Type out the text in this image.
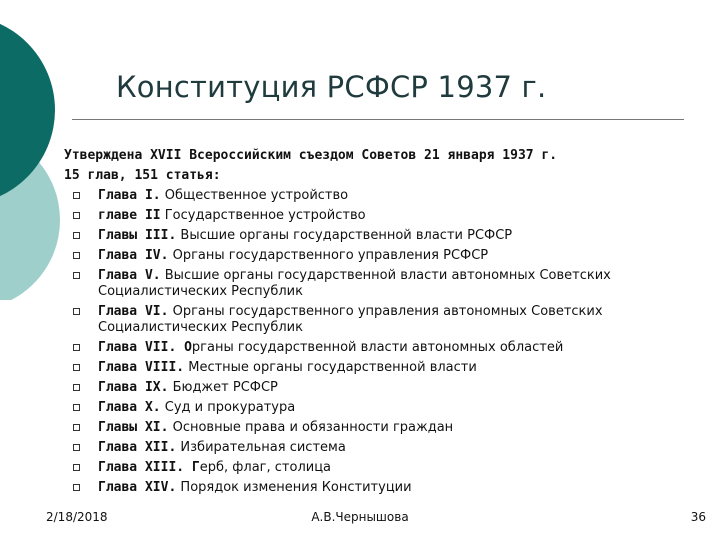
Конституция РСФСР 1937 г.
Утверждена XVII Всероссийским съездом Советов 21 января 1937 г.
15 глав, 151 статья:
Глава I. Общественное устройство
главе II Государственное устройство
Главы III. Высшие органы государственной власти РСФСР
Глава IV. Органы государственного управления РСФСР
Глава V. Высшие органы государственной власти автономных Советских Социалистических Республик
Глава VI. Органы государственного управления автономных Советских Социалистических Республик
Глава VII. Органы государственной власти автономных областей
Глава VIII. Местные органы государственной власти
Глава IX. Бюджет РСФСР
Глава X. Суд и прокуратура
Главы XI. Основные права и обязанности граждан
Глава XII. Избирательная система
Глава XIII. Герб, флаг, столица
Глава XIV. Порядок изменения Конституции
2/18/2018	А.В.Чернышова	36
